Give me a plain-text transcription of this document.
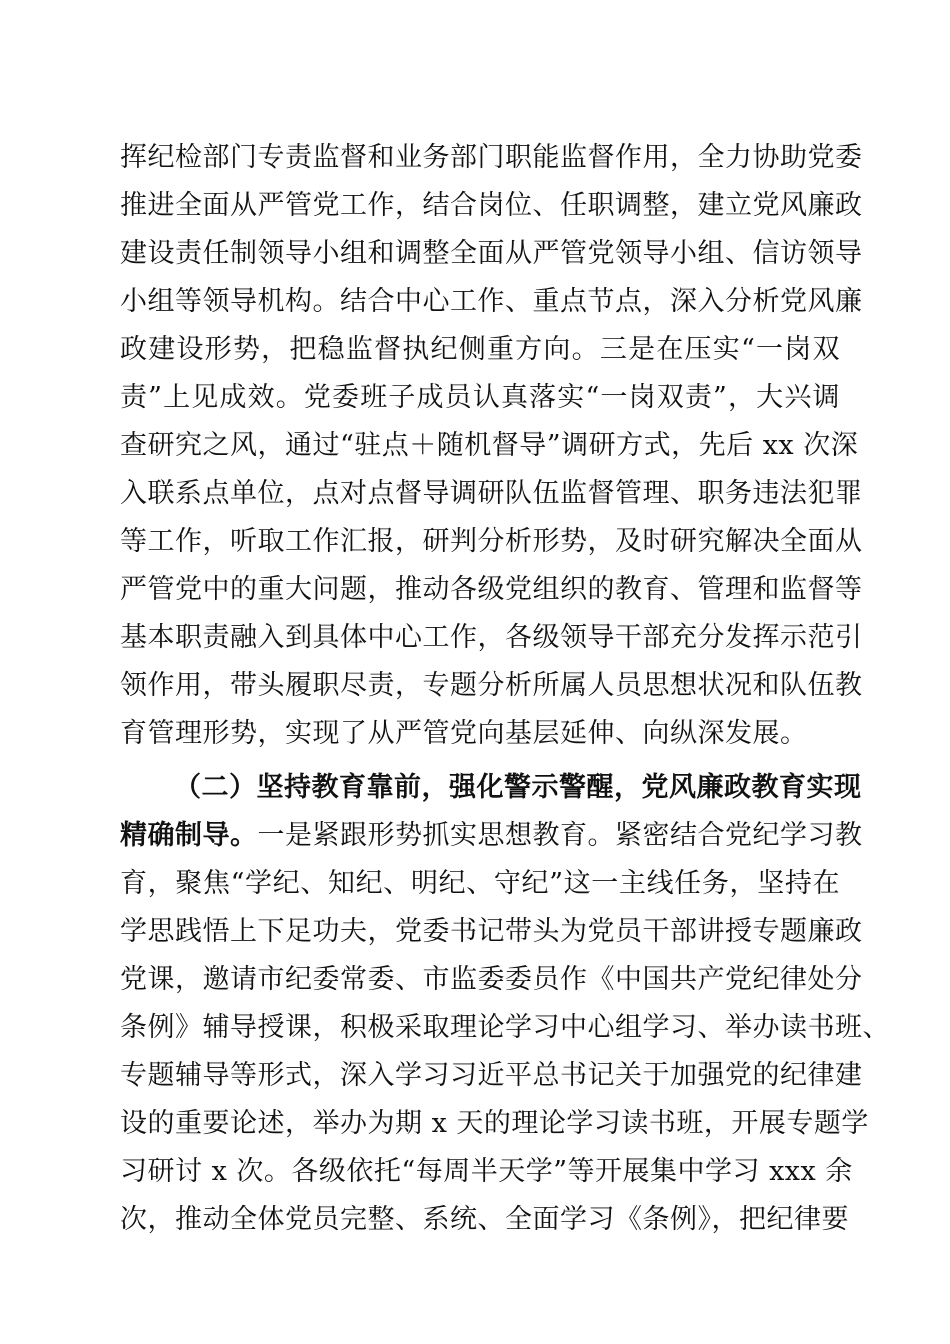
挥纪检部门专责监督和业务部门职能监督作用，全力协助党委
推进全面从严管党工作，结合岗位、任职调整，建立党风廉政
建设责任制领导小组和调整全面从严管党领导小组、信访领导
小组等领导机构。结合中心工作、重点节点，深入分析党风廉
政建设形势，把稳监督执纪侧重方向。三是在压实“一岗双
责”上见成效。党委班子成员认真落实“一岗双责”，大兴调
查研究之风，通过“驻点＋随机督导”调研方式，先后 xx 次深
入联系点单位，点对点督导调研队伍监督管理、职务违法犯罪
等工作，听取工作汇报，研判分析形势，及时研究解决全面从
严管党中的重大问题，推动各级党组织的教育、管理和监督等
基本职责融入到具体中心工作，各级领导干部充分发挥示范引
领作用，带头履职尽责，专题分析所属人员思想状况和队伍教
育管理形势，实现了从严管党向基层延伸、向纵深发展。
（二）坚持教育靠前，强化警示警醒，党风廉政教育实现
精确制导。一是紧跟形势抓实思想教育。紧密结合党纪学习教
育，聚焦“学纪、知纪、明纪、守纪”这一主线任务，坚持在
学思践悟上下足功夫，党委书记带头为党员干部讲授专题廉政
党课，邀请市纪委常委、市监委委员作《中国共产党纪律处分
条例》辅导授课，积极采取理论学习中心组学习、举办读书班、
专题辅导等形式，深入学习习近平总书记关于加强党的纪律建
设的重要论述，举办为期 x 天的理论学习读书班，开展专题学
习研讨 x 次。各级依托“每周半天学”等开展集中学习 xxx 余
次，推动全体党员完整、系统、全面学习《条例》，把纪律要
